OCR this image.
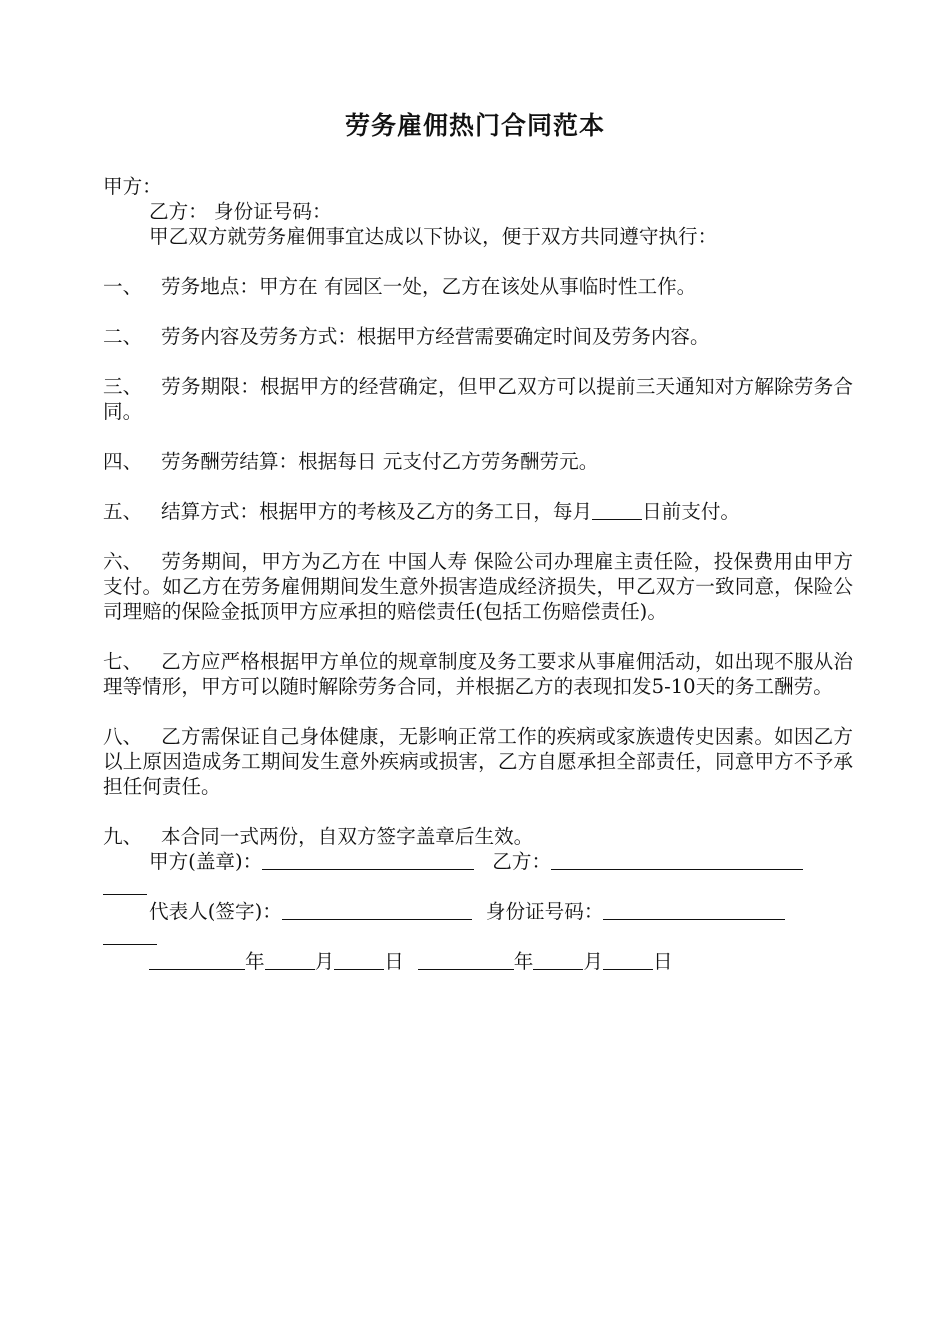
劳务雇佣热门合同范本
甲方：
乙方： 身份证号码：
甲乙双方就劳务雇佣事宜达成以下协议，便于双方共同遵守执行：
一、 劳务地点：甲方在 有园区一处，乙方在该处从事临时性工作。
二、 劳务内容及劳务方式：根据甲方经营需要确定时间及劳务内容。
三、 劳务期限：根据甲方的经营确定，但甲乙双方可以提前三天通知对方解除劳务合同。
四、 劳务酬劳结算：根据每日 元支付乙方劳务酬劳元。
五、 结算方式：根据甲方的考核及乙方的务工日，每月	日前支付。
六、 劳务期间，甲方为乙方在 中国人寿 保险公司办理雇主责任险，投保费用由甲方支付。如乙方在劳务雇佣期间发生意外损害造成经济损失，甲乙双方一致同意，保险公司理赔的保险金抵顶甲方应承担的赔偿责任(包括工伤赔偿责任)。
七、 乙方应严格根据甲方单位的规章制度及务工要求从事雇佣活动，如出现不服从治理等情形，甲方可以随时解除劳务合同，并根据乙方的表现扣发5-10天的务工酬劳。
八、 乙方需保证自己身体健康，无影响正常工作的疾病或家族遗传史因素。如因乙方以上原因造成务工期间发生意外疾病或损害，乙方自愿承担全部责任，同意甲方不予承担任何责任。
九、 本合同一式两份，自双方签字盖章后生效。
甲方(盖章)：	乙方：
代表人(签字)：	身份证号码：
年	月	日	年	月	日
